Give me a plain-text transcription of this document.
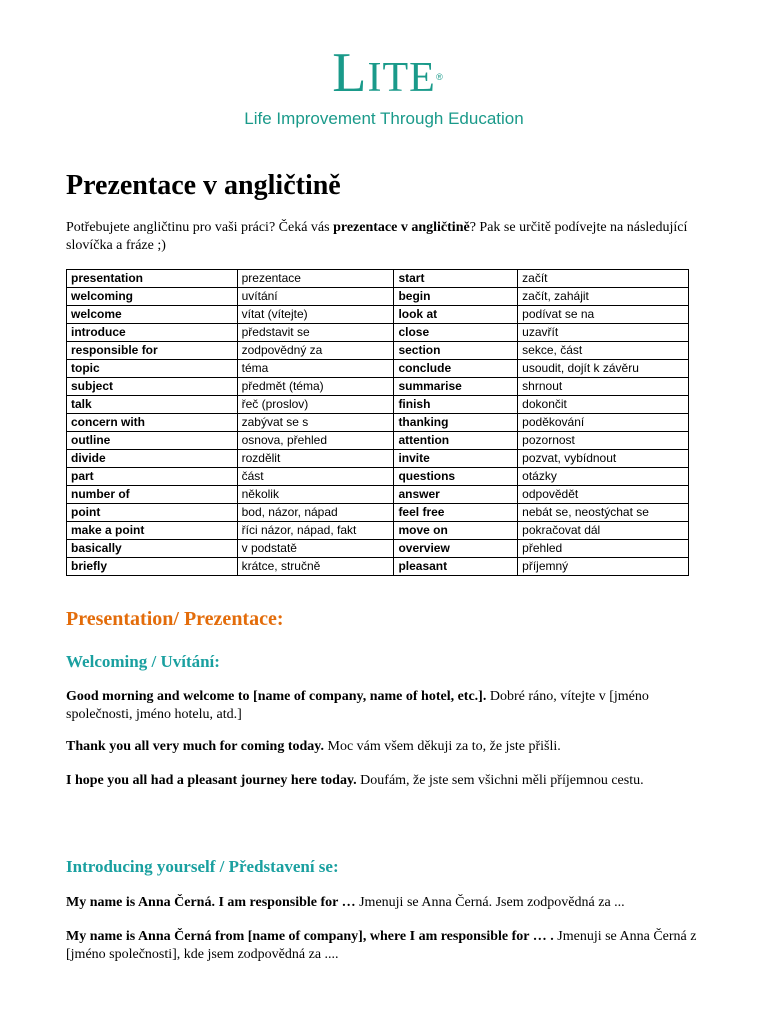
LITE ®
Life Improvement Through Education
Prezentace v angličtině

Potřebujete angličtinu pro vaši práci? Čeká vás prezentace v angličtině? Pak se určitě podívejte na následující slovíčka a fráze ;)

presentation	prezentace	start	začít
welcoming	uvítání	begin	začít, zahájit
welcome	vítat (vítejte)	look at	podívat se na
introduce	představit se	close	uzavřít
responsible for	zodpovědný za	section	sekce, část
topic	téma	conclude	usoudit, dojít k závěru
subject	předmět (téma)	summarise	shrnout
talk	řeč (proslov)	finish	dokončit
concern with	zabývat se s	thanking	poděkování
outline	osnova, přehled	attention	pozornost
divide	rozdělit	invite	pozvat, vybídnout
part	část	questions	otázky
number of	několik	answer	odpovědět
point	bod, názor, nápad	feel free	nebát se, neostýchat se
make a point	říci názor, nápad, fakt	move on	pokračovat dál
basically	v podstatě	overview	přehled
briefly	krátce, stručně	pleasant	příjemný
Presentation/ Prezentace:
Welcoming / Uvítání:

Good morning and welcome to [name of company, name of hotel, etc.]. Dobré ráno, vítejte v [jméno společnosti, jméno hotelu, atd.]

Thank you all very much for coming today. Moc vám všem děkuji za to, že jste přišli.

I hope you all had a pleasant journey here today. Doufám, že jste sem všichni měli příjemnou cestu.

Introducing yourself / Představení se:

My name is Anna Černá. I am responsible for … Jmenuji se Anna Černá. Jsem zodpovědná za ...

My name is Anna Černá from [name of company], where I am responsible for … . Jmenuji se Anna Černá z [jméno společnosti], kde jsem zodpovědná za ....
